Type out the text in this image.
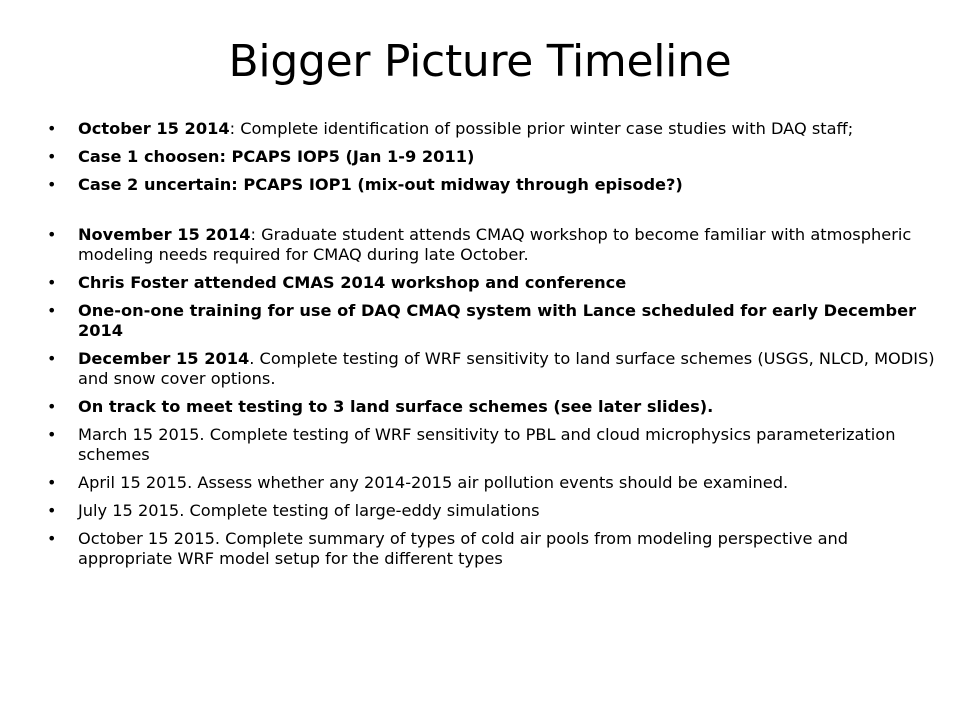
Bigger Picture Timeline
• October 15 2014: Complete identification of possible prior winter case studies with DAQ staff;
• Case 1 choosen: PCAPS IOP5 (Jan 1-9 2011)
• Case 2 uncertain: PCAPS IOP1 (mix-out midway through episode?)
• November 15 2014: Graduate student attends CMAQ workshop to become familiar with atmospheric modeling needs required for CMAQ during late October.
• Chris Foster attended CMAS 2014 workshop and conference
• One-on-one training for use of DAQ CMAQ system with Lance scheduled for early December 2014
• December 15 2014. Complete testing of WRF sensitivity to land surface schemes (USGS, NLCD, MODIS) and snow cover options.
• On track to meet testing to 3 land surface schemes (see later slides).
• March 15 2015. Complete testing of WRF sensitivity to PBL and cloud microphysics parameterization schemes
• April 15 2015. Assess whether any 2014-2015 air pollution events should be examined.
• July 15 2015. Complete testing of large-eddy simulations
• October 15 2015. Complete summary of types of cold air pools from modeling perspective and appropriate WRF model setup for the different types
